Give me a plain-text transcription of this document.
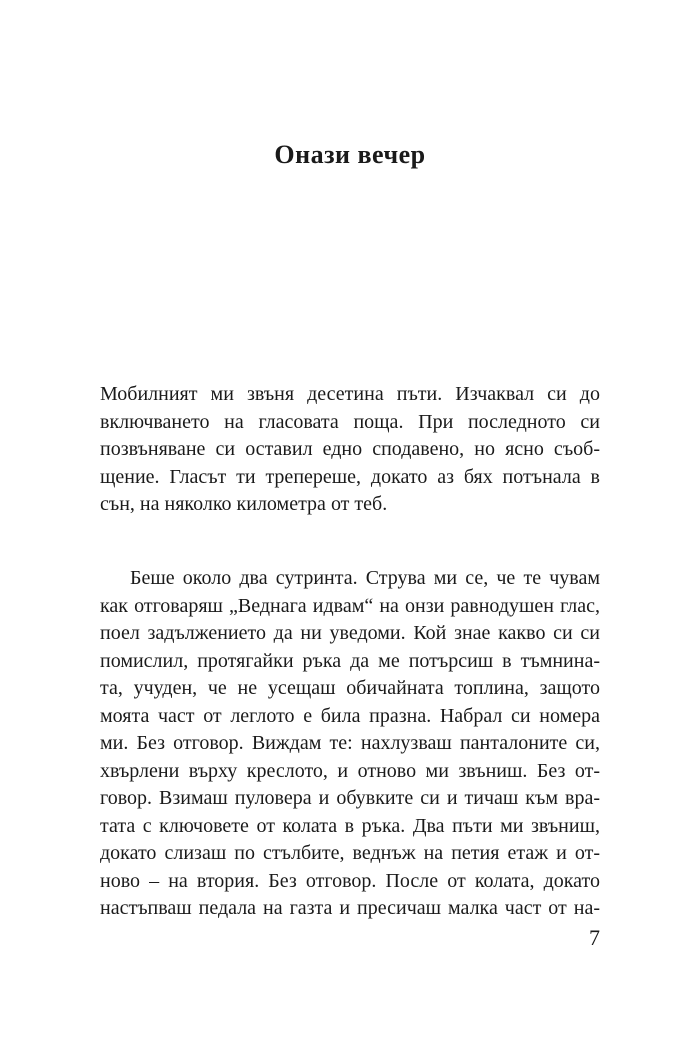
Онази вечер
Мобилният ми звъня десетина пъти. Изчаквал си до
включването на гласовата поща. При последното си
позвъняване си оставил едно сподавено, но ясно съоб-
щение. Гласът ти трепереше, докато аз бях потънала в
сън, на няколко километра от теб.
Беше около два сутринта. Струва ми се, че те чувам
как отговаряш „Веднага идвам“ на онзи равнодушен глас,
поел задължението да ни уведоми. Кой знае какво си си
помислил, протягайки ръка да ме потърсиш в тъмнина-
та, учуден, че не усещаш обичайната топлина, защото
моята част от леглото е била празна. Набрал си номера
ми. Без отговор. Виждам те: нахлузваш панталоните си,
хвърлени върху креслото, и отново ми звъниш. Без от-
говор. Взимаш пуловера и обувките си и тичаш към вра-
тата с ключовете от колата в ръка. Два пъти ми звъниш,
докато слизаш по стълбите, веднъж на петия етаж и от-
ново – на втория. Без отговор. После от колата, докато
настъпваш педала на газта и пресичаш малка част от на-
7
